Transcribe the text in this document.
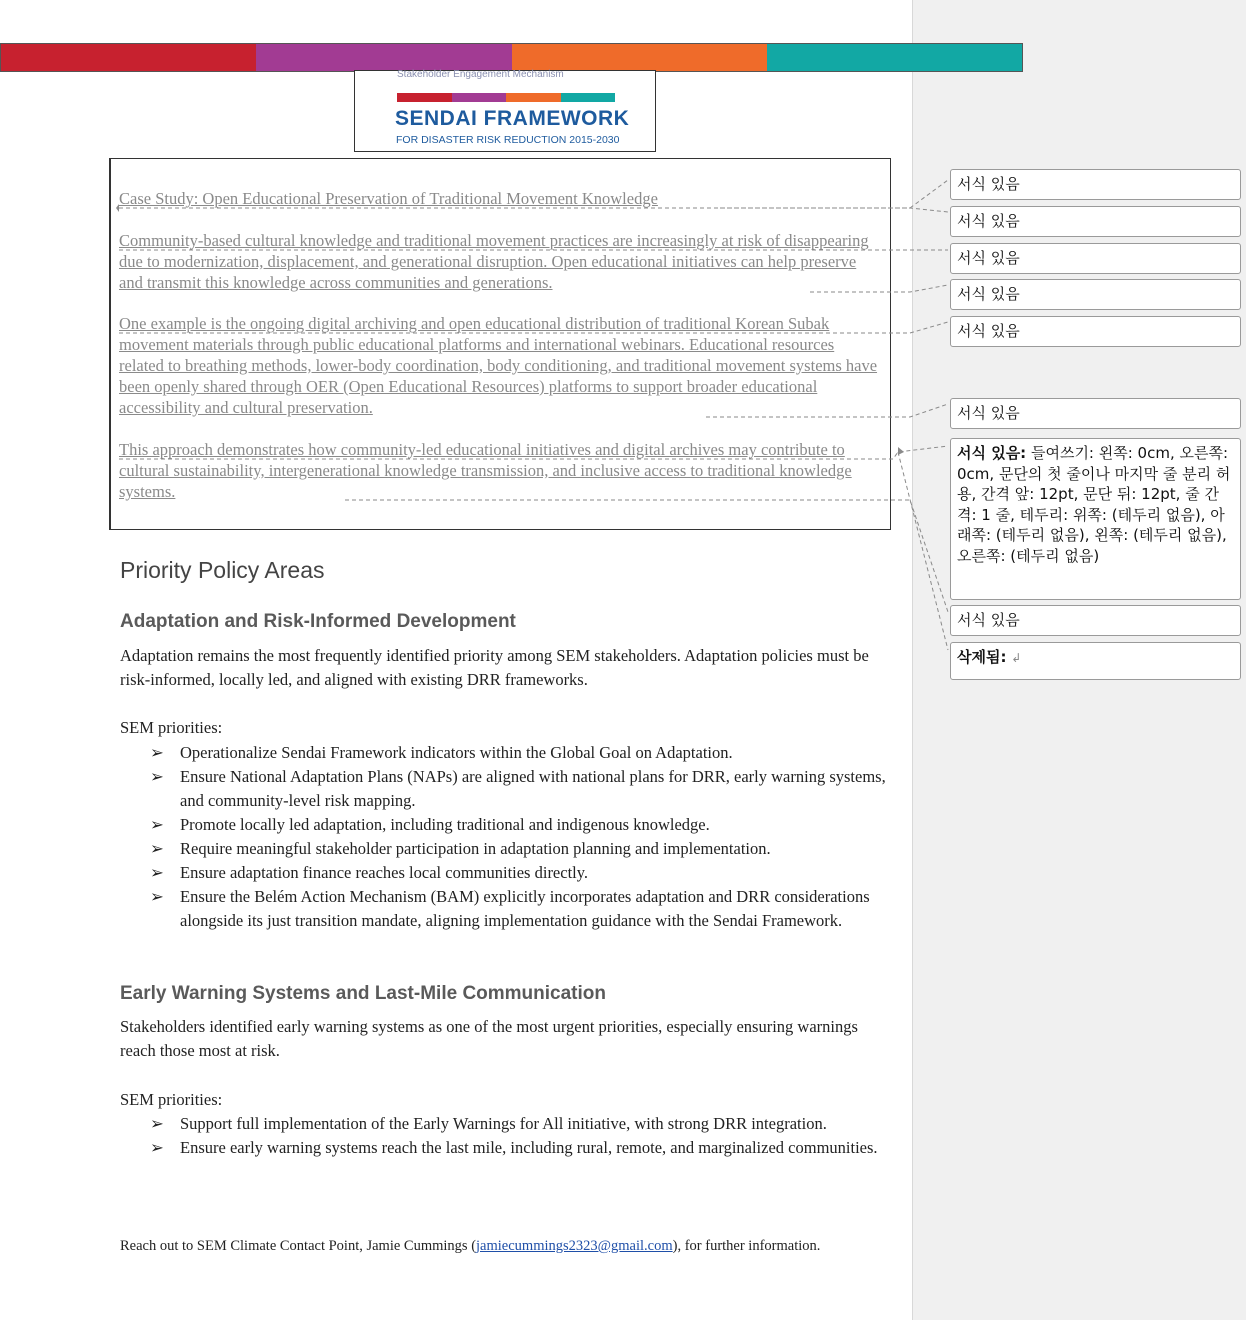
Stakeholder Engagement Mechanism
SENDAI FRAMEWORK
FOR DISASTER RISK REDUCTION 2015-2030
Case Study: Open Educational Preservation of Traditional Movement Knowledge
Community-based cultural knowledge and traditional movement practices are increasingly at risk of disappearing due to modernization, displacement, and generational disruption. Open educational initiatives can help preserve and transmit this knowledge across communities and generations.
One example is the ongoing digital archiving and open educational distribution of traditional Korean Subak movement materials through public educational platforms and international webinars. Educational resources related to breathing methods, lower-body coordination, body conditioning, and traditional movement systems have been openly shared through OER (Open Educational Resources) platforms to support broader educational accessibility and cultural preservation.
This approach demonstrates how community-led educational initiatives and digital archives may contribute to cultural sustainability, intergenerational knowledge transmission, and inclusive access to traditional knowledge systems.
Priority Policy Areas
Adaptation and Risk-Informed Development
Adaptation remains the most frequently identified priority among SEM stakeholders. Adaptation policies must be risk-informed, locally led, and aligned with existing DRR frameworks.
SEM priorities:
➢ Operationalize Sendai Framework indicators within the Global Goal on Adaptation.
➢ Ensure National Adaptation Plans (NAPs) are aligned with national plans for DRR, early warning systems, and community-level risk mapping.
➢ Promote locally led adaptation, including traditional and indigenous knowledge.
➢ Require meaningful stakeholder participation in adaptation planning and implementation.
➢ Ensure adaptation finance reaches local communities directly.
➢ Ensure the Belém Action Mechanism (BAM) explicitly incorporates adaptation and DRR considerations alongside its just transition mandate, aligning implementation guidance with the Sendai Framework.
Early Warning Systems and Last-Mile Communication
Stakeholders identified early warning systems as one of the most urgent priorities, especially ensuring warnings reach those most at risk.
SEM priorities:
➢ Support full implementation of the Early Warnings for All initiative, with strong DRR integration.
➢ Ensure early warning systems reach the last mile, including rural, remote, and marginalized communities.
Reach out to SEM Climate Contact Point, Jamie Cummings (jamiecummings2323@gmail.com), for further information.
서식 있음
서식 있음
서식 있음
서식 있음
서식 있음
서식 있음
서식 있음: 들여쓰기: 왼쪽: 0cm, 오른쪽: 0cm, 문단의 첫 줄이나 마지막 줄 분리 허용, 간격 앞: 12pt, 문단 뒤: 12pt, 줄 간격: 1 줄, 테두리: 위쪽: (테두리 없음), 아래쪽: (테두리 없음), 왼쪽: (테두리 없음), 오른쪽: (테두리 없음)
서식 있음
삭제됨: ↲
